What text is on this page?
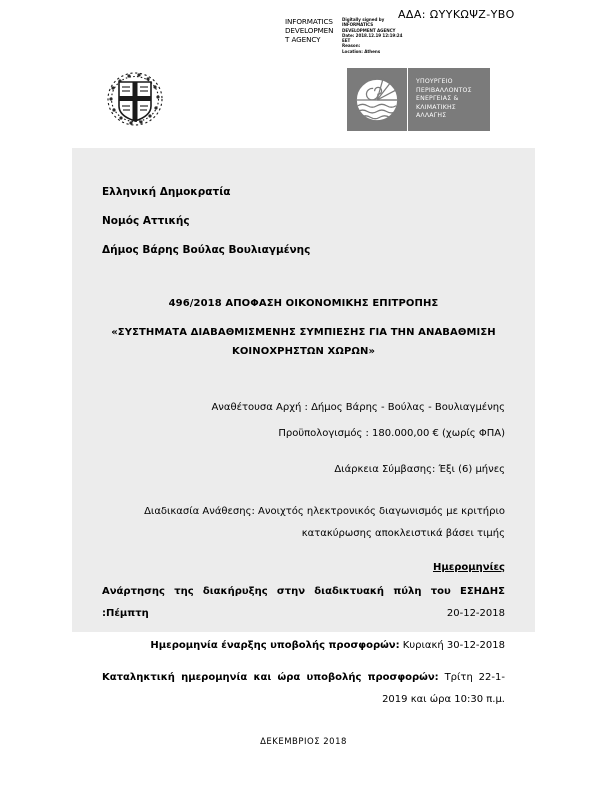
ΑΔΑ: ΩΥΥΚΩΨΖ-ΥΒΟ
INFORMATICS
DEVELOPMEN
T AGENCY
Digitally signed by
INFORMATICS
DEVELOPMENT AGENCY
Date: 2018.12.19 12:19:24
EET
Reason:
Location: Athens
ΥΠΟΥΡΓΕΙΟ
ΠΕΡΙΒΑΛΛΟΝΤΟΣ
ΕΝΕΡΓΕΙΑΣ &
ΚΛΙΜΑΤΙΚΗΣ
ΑΛΛΑΓΗΣ
Ελληνική Δημοκρατία
Νομός Αττικής
Δήμος Βάρης Βούλας Βουλιαγμένης
496/2018 ΑΠΟΦΑΣΗ ΟΙΚΟΝΟΜΙΚΗΣ ΕΠΙΤΡΟΠΗΣ
«ΣΥΣΤΗΜΑΤΑ ΔΙΑΒΑΘΜΙΣΜΕΝΗΣ ΣΥΜΠΙΕΣΗΣ ΓΙΑ ΤΗΝ ΑΝΑΒΑΘΜΙΣΗ
ΚΟΙΝΟΧΡΗΣΤΩΝ ΧΩΡΩΝ»
Αναθέτουσα Αρχή : Δήμος Βάρης - Βούλας - Βουλιαγμένης
Προϋπολογισμός : 180.000,00 € (χωρίς ΦΠΑ)
Διάρκεια Σύμβασης: Έξι (6) μήνες
Διαδικασία Ανάθεσης: Ανοιχτός ηλεκτρονικός διαγωνισμός με κριτήριο
κατακύρωσης αποκλειστικά βάσει τιμής
Ημερομηνίες
Ανάρτησης της διακήρυξης στην διαδικτυακή πύλη του ΕΣΗΔΗΣ :Πέμπτη	20-12-2018
Ημερομηνία έναρξης υποβολής προσφορών: Κυριακή 30-12-2018
Καταληκτική ημερομηνία και ώρα υποβολής προσφορών: Τρίτη 22-1-2019 και ώρα 10:30 π.μ.
ΔΕΚΕΜΒΡΙΟΣ 2018
